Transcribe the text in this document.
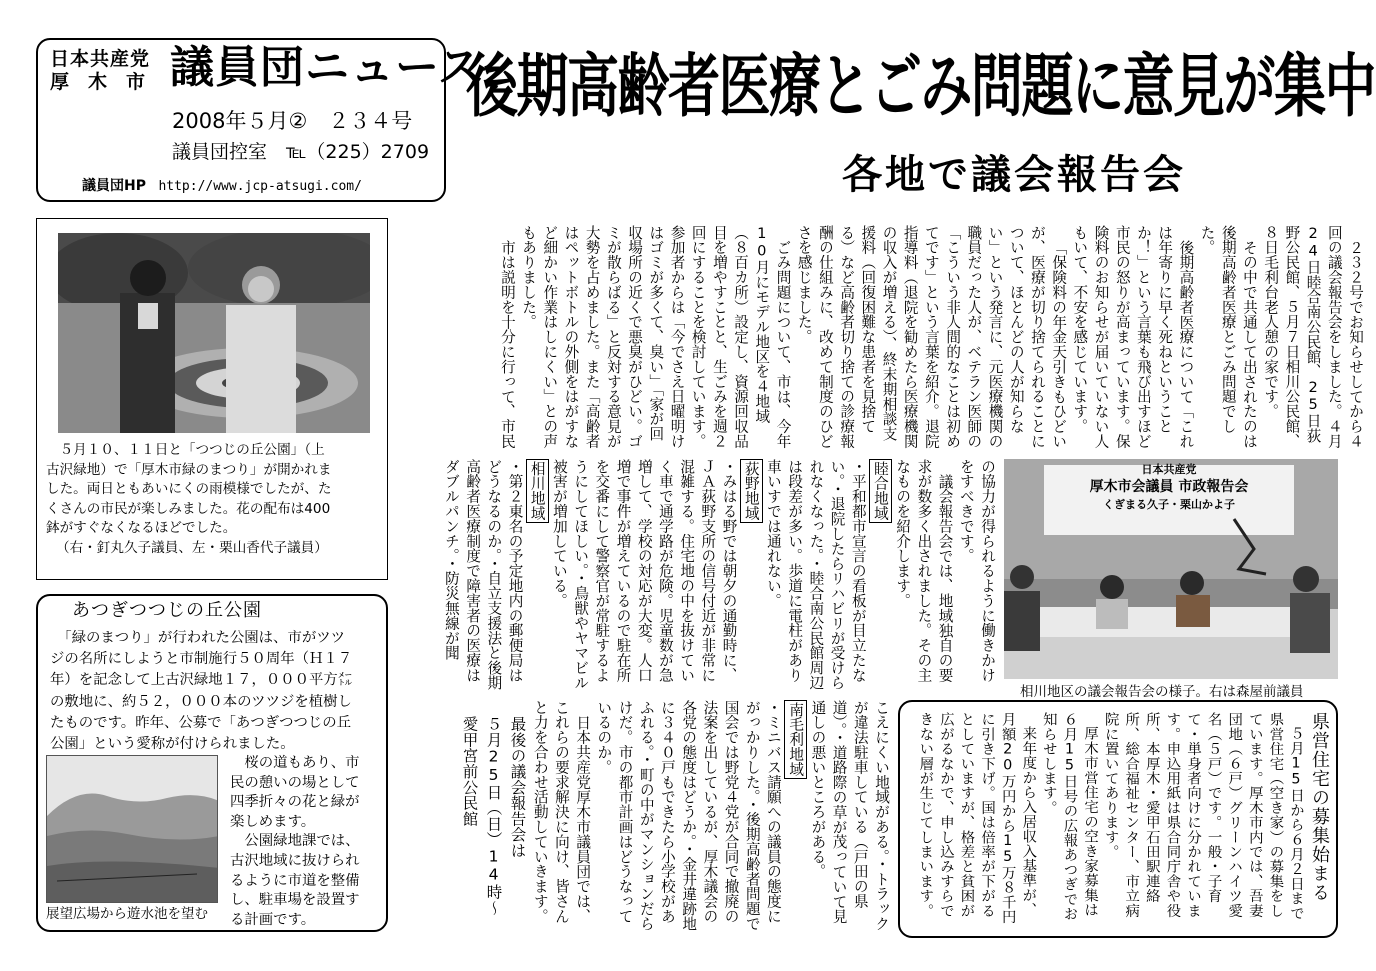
日本共産党
厚　木　市 議員団ニュース
2008年５月②　２３４号
議員団控室　℡（225）2709
議員団HP http://www.jcp-atsugi.com/
後期高齢者医療とごみ問題に意見が集中
各地で議会報告会
　５月１０、１１日と「つつじの丘公園」（上
古沢緑地）で「厚木市緑のまつり」が開かれま
した。両日ともあいにくの雨模様でしたが、た
くさんの市民が楽しみました。花の配布は400
鉢がすぐなくなるほどでした。
（右・釘丸久子議員、左・栗山香代子議員）
あつぎつつじの丘公園
　「緑のまつり」が行われた公園は、市がツツ
ジの名所にしようと市制施行５０周年（Ｈ１７
年）を記念して上古沢緑地１７，０００平方㍍
の敷地に、約５２，０００本のツツジを植樹し
たものです。昨年、公募で「あつぎつつじの丘
公園」という愛称が付けられました。
展望広場から遊水池を望む
　桜の道もあり、市
民の憩いの場として
四季折々の花と緑が
楽しめます。
　公園緑地課では、
古沢地域に抜けられ
るように市道を整備
し、駐車場を設置す
る計画です。

２３２号でお知らせしてから４回の議会報告会をしました。４月24日睦合南公民館、25日荻野公民館、５月７日相川公民館、８日毛利台老人憩の家です。

その中で共通して出されたのは後期高齢者医療とごみ問題でした。

後期高齢者医療について「これは年寄りに早く死ねということか！」という言葉も飛び出すほど市民の怒りが高まっています。保険料のお知らせが届いていない人もいて、不安を感じています。

「保険料の年金天引きもひどいが、医療が切り捨てられることについて、ほとんどの人が知らない」という発言に、元医療機関の職員だった人が、ベテラン医師の「こういう非人間的なことは初めてです」という言葉を紹介。退院指導料（退院を勧めたら医療機関の収入が増える）、終末期相談支援料（回復困難な患者を見捨てる）など高齢者切り捨ての診療報酬の仕組みに、改めて制度のひどさを感じました。

ごみ問題について、市は、今年10月にモデル地区を４地域（８百カ所）設定し、資源回収品目を増やすことと、生ごみを週２回にすることを検討しています。参加者からは「今でさえ日曜明けはゴミが多くて、臭い」「家が回収場所の近くで悪臭がひどい。ゴミが散らばる」と反対する意見が大勢を占めました。また「高齢者はペットボトルの外側をはがすなど細かい作業はしにくい」との声もありました。

市は説明を十分に行って、市民

日本共産党
厚木市会議員 市政報告会
くぎまる久子・栗山かよ子
相川地区の議会報告会の様子。右は森屋前議員

の協力が得られるように働きかけをすべきです。

議会報告会では、地域独自の要求が数多く出されました。その主なものを紹介します。

睦合地域

・平和都市宣言の看板が目立たない。・退院したらリハビリが受けられなくなった。・睦合南公民館周辺は段差が多い。歩道に電柱があり車いすでは通れない。

荻野地域

・みはる野では朝夕の通勤時に、ＪＡ荻野支所の信号付近が非常に混雑する。住宅地の中を抜けていく車で通学路が危険。児童数が急増して、学校の対応が大変。人口増で事件が増えているので駐在所を交番にして警察官が常駐するようにしてほしい。・鳥獣やヤマビル被害が増加している。

相川地域

・第２東名の予定地内の郵便局はどうなるのか。・自立支援法と後期高齢者医療制度で障害者の医療はダブルパンチ。・防災無線が聞

県営住宅の募集始まる

５月15日から６月２日まで県営住宅（空き家）の募集をしています。厚木市内では、吾妻団地（６戸）グリーンハイツ愛名（５戸）です。一般・子育て・単身者向けに分かれています。申込用紙は県合同庁舎や役所、本厚木・愛甲石田駅連絡所、総合福祉センター、市立病院に置いてあります。

厚木市営住宅の空き家募集は６月15日号の広報あつぎでお知らせします。

来年度から入居収入基準が、月額20万円から15万８千円に引き下げ。国は倍率が下がるとしていますが、格差と貧困が広がるなかで、申し込みすらできない層が生じてしまいます。

こえにくい地域がある。・トラックが違法駐車している（戸田の県道）。・道路際の草が茂っていて見通しの悪いところがある。

南毛利地域

・ミニバス請願への議員の態度にがっかりした。・後期高齢者問題で国会では野党４党が合同で撤廃の法案を出しているが、厚木議会の各党の態度はどうか。・金井違跡地に３４０戸もできたら小学校があふれる。・町の中がマンションだらけだ。市の都市計画はどうなっているのか。

日本共産党厚木市議員団では、これらの要求解決に向け、皆さんと力を合わせ活動していきます。

最後の議会報告会は

５月25日（日）14時～

愛甲宮前公民館
